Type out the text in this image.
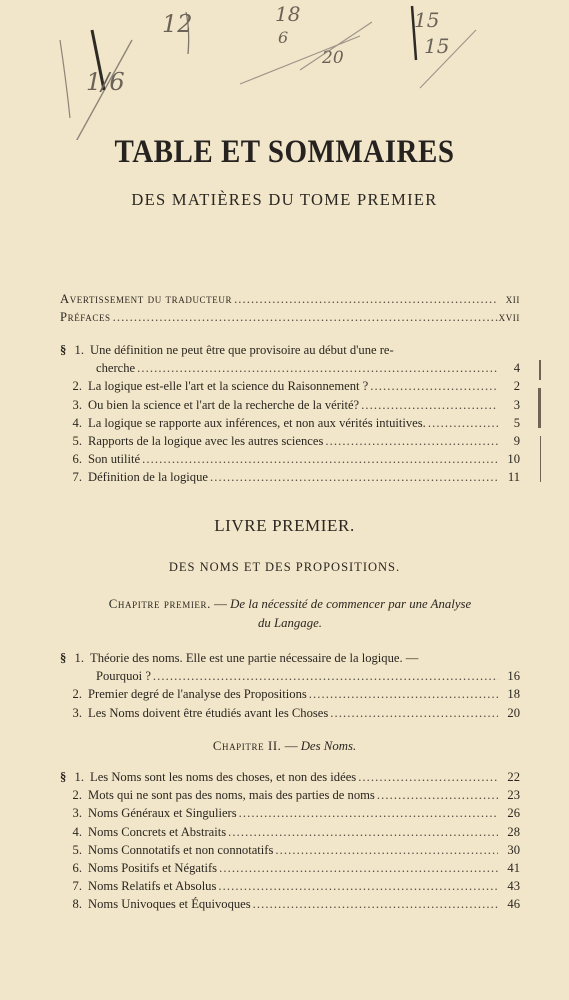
18
12	6
1/6
20
15
15
TABLE ET SOMMAIRES
DES MATIÈRES DU TOME PREMIER
Avertissement du traducteur .....	xii
Préfaces .....	xvii
§ 1. Une définition ne peut être que provisoire au début d'une re-
cherche .....	4
2. La logique est-elle l'art et la science du Raisonnement ? .....	2
3. Ou bien la science et l'art de la recherche de la vérité? .....	3
4. La logique se rapporte aux inférences, et non aux vérités intuitives. .....	5
5. Rapports de la logique avec les autres sciences .....	9
6. Son utilité .....	10
7. Définition de la logique .....	11
LIVRE PREMIER.
DES NOMS ET DES PROPOSITIONS.
Chapitre premier. — De la nécessité de commencer par une Analyse
du Langage.
§ 1. Théorie des noms. Elle est une partie nécessaire de la logique. —
Pourquoi ? .....	16
2. Premier degré de l'analyse des Propositions .....	18
3. Les Noms doivent être étudiés avant les Choses .....	20
Chapitre II. — Des Noms.
§ 1. Les Noms sont les noms des choses, et non des idées .....	22
2. Mots qui ne sont pas des noms, mais des parties de noms .....	23
3. Noms Généraux et Singuliers .....	26
4. Noms Concrets et Abstraits .....	28
5. Noms Connotatifs et non connotatifs .....	30
6. Noms Positifs et Négatifs .....	41
7. Noms Relatifs et Absolus .....	43
8. Noms Univoques et Équivoques .....	46
